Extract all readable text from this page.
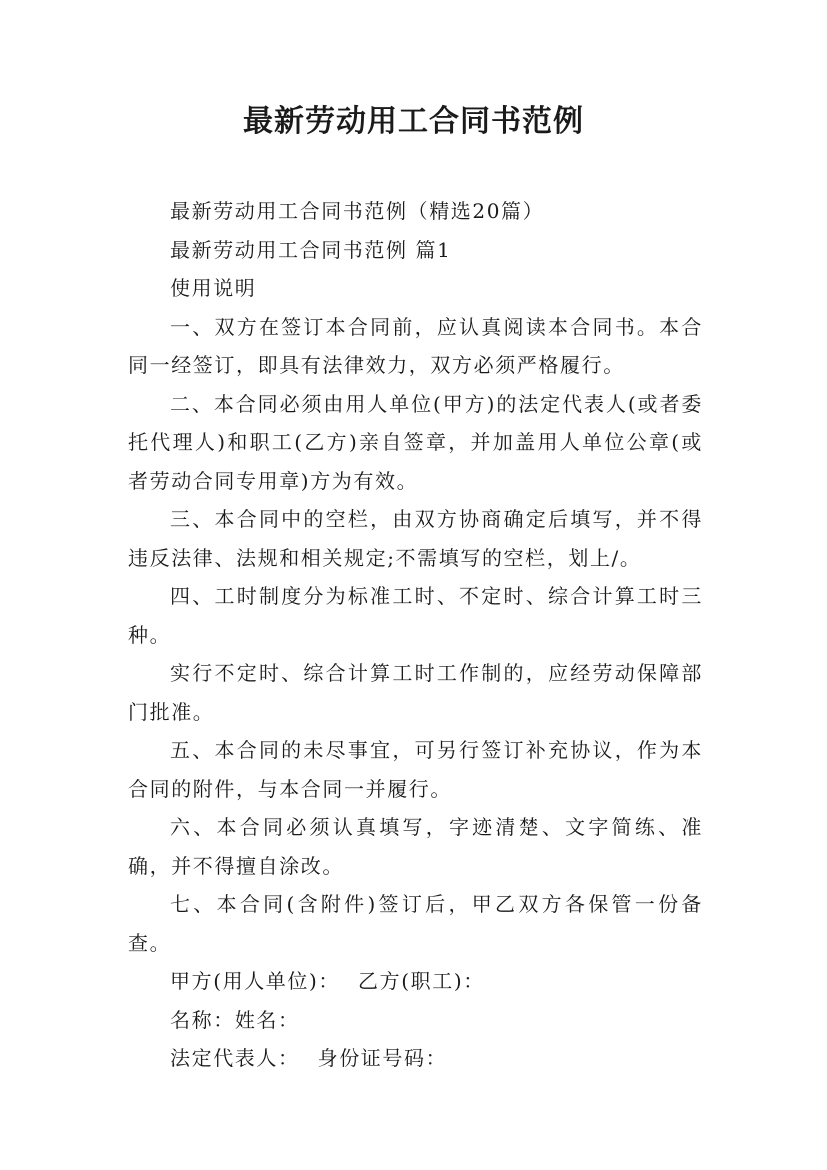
最新劳动用工合同书范例

最新劳动用工合同书范例（精选20篇）

最新劳动用工合同书范例 篇1

使用说明

一、双方在签订本合同前，应认真阅读本合同书。本合同一经签订，即具有法律效力，双方必须严格履行。

二、本合同必须由用人单位(甲方)的法定代表人(或者委托代理人)和职工(乙方)亲自签章，并加盖用人单位公章(或者劳动合同专用章)方为有效。

三、本合同中的空栏，由双方协商确定后填写，并不得违反法律、法规和相关规定;不需填写的空栏，划上/。

四、工时制度分为标准工时、不定时、综合计算工时三种。

实行不定时、综合计算工时工作制的，应经劳动保障部门批准。

五、本合同的未尽事宜，可另行签订补充协议，作为本合同的附件，与本合同一并履行。

六、本合同必须认真填写，字迹清楚、文字简练、准确，并不得擅自涂改。

七、本合同(含附件)签订后，甲乙双方各保管一份备查。

甲方(用人单位)： 乙方(职工)：

名称：姓名：

法定代表人： 身份证号码：
